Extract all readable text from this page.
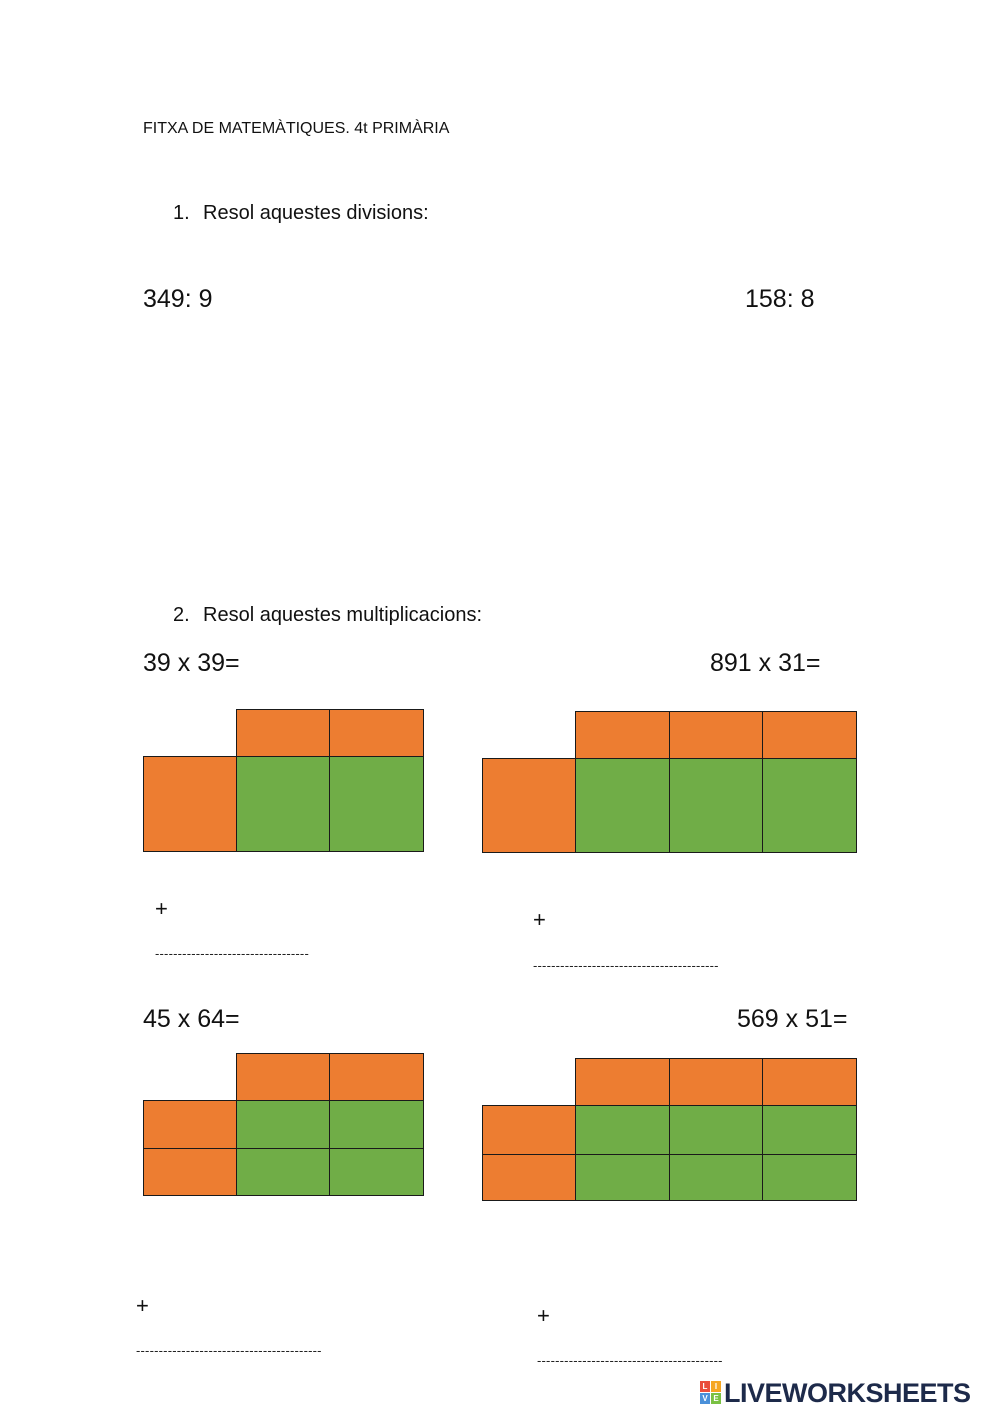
FITXA DE MATEMÀTIQUES. 4t PRIMÀRIA
1. Resol aquestes divisions:
349: 9	158: 8
2. Resol aquestes multiplicacions:
39 x 39=	891 x 31=
45 x 64=	569 x 51=
+
----------------------------------
+
-----------------------------------------
+
-----------------------------------------
+
-----------------------------------------
L I
V E LIVEWORKSHEETS
